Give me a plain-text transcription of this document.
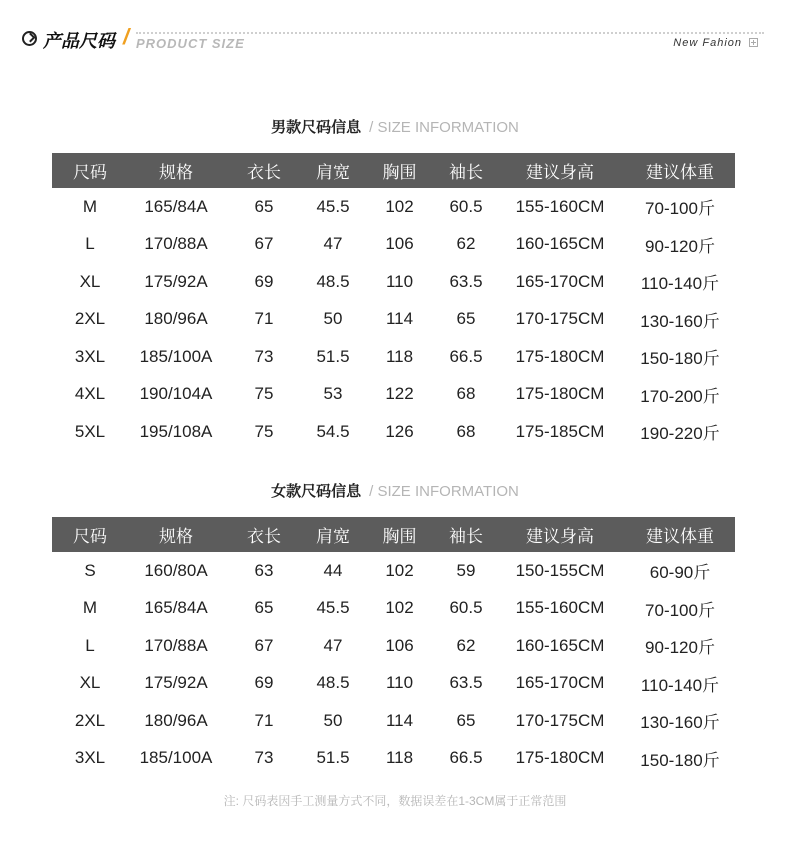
产品尺码 / PRODUCT SIZE	New Fahion
男款尺码信息 / SIZE INFORMATION
尺码	规格	衣长	肩宽	胸围	袖长	建议身高	建议体重
M	165/84A	65	45.5	102	60.5	155-160CM	70-100斤
L	170/88A	67	47	106	62	160-165CM	90-120斤
XL	175/92A	69	48.5	110	63.5	165-170CM	110-140斤
2XL	180/96A	71	50	114	65	170-175CM	130-160斤
3XL	185/100A	73	51.5	118	66.5	175-180CM	150-180斤
4XL	190/104A	75	53	122	68	175-180CM	170-200斤
5XL	195/108A	75	54.5	126	68	175-185CM	190-220斤
女款尺码信息 / SIZE INFORMATION
尺码	规格	衣长	肩宽	胸围	袖长	建议身高	建议体重
S	160/80A	63	44	102	59	150-155CM	60-90斤
M	165/84A	65	45.5	102	60.5	155-160CM	70-100斤
L	170/88A	67	47	106	62	160-165CM	90-120斤
XL	175/92A	69	48.5	110	63.5	165-170CM	110-140斤
2XL	180/96A	71	50	114	65	170-175CM	130-160斤
3XL	185/100A	73	51.5	118	66.5	175-180CM	150-180斤
注: 尺码表因手工测量方式不同，数据误差在1-3CM属于正常范围
